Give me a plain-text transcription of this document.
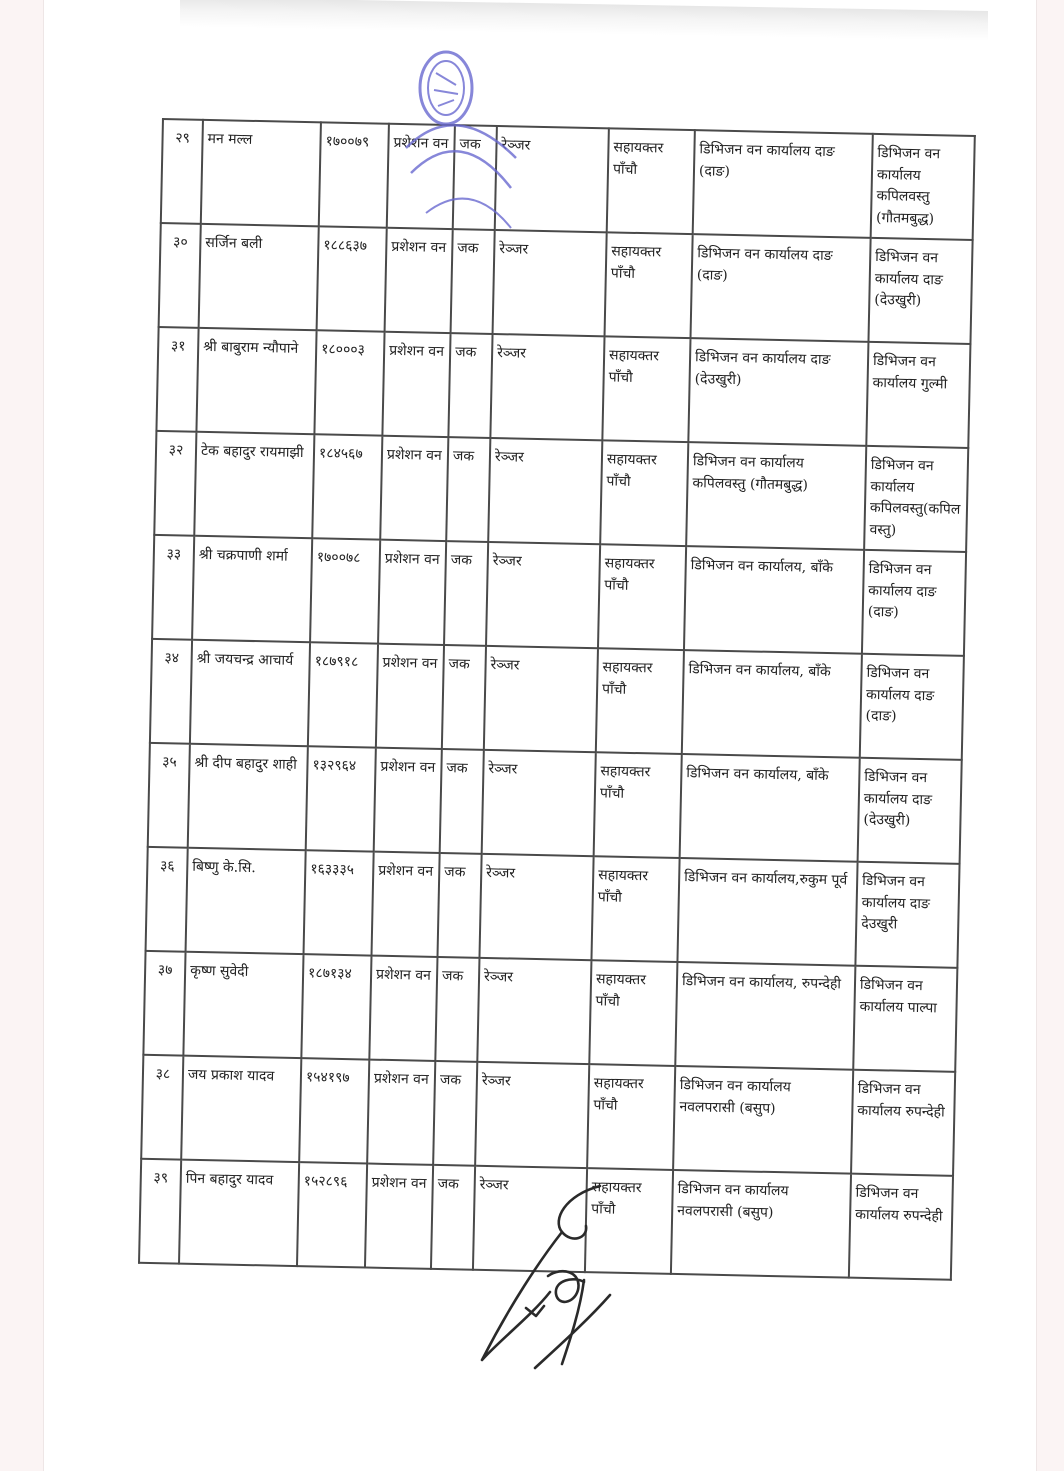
२९	मन मल्ल	१७००७९	प्रशेशन वन	जक	रेञ्जर	सहायक्तर पाँचौ	डिभिजन वन कार्यालय दाङ (दाङ)	डिभिजन वन कार्यालय कपिलवस्तु (गौतमबुद्ध)
३०	सर्जिन बली	१८८६३७	प्रशेशन वन	जक	रेञ्जर	सहायक्तर पाँचौ	डिभिजन वन कार्यालय दाङ (दाङ)	डिभिजन वन कार्यालय दाङ (देउखुरी)
३१	श्री बाबुराम न्यौपाने	१८०००३	प्रशेशन वन	जक	रेञ्जर	सहायक्तर पाँचौ	डिभिजन वन कार्यालय दाङ (देउखुरी)	डिभिजन वन कार्यालय गुल्मी
३२	टेक बहादुर रायमाझी	१८४५६७	प्रशेशन वन	जक	रेञ्जर	सहायक्तर पाँचौ	डिभिजन वन कार्यालय कपिलवस्तु (गौतमबुद्ध)	डिभिजन वन कार्यालय कपिलवस्तु(कपिलवस्तु)
३३	श्री चक्रपाणी शर्मा	१७००७८	प्रशेशन वन	जक	रेञ्जर	सहायक्तर पाँचौ	डिभिजन वन कार्यालय, बाँके	डिभिजन वन कार्यालय दाङ (दाङ)
३४	श्री जयचन्द्र आचार्य	१८७९१८	प्रशेशन वन	जक	रेञ्जर	सहायक्तर पाँचौ	डिभिजन वन कार्यालय, बाँके	डिभिजन वन कार्यालय दाङ (दाङ)
३५	श्री दीप बहादुर शाही	१३२९६४	प्रशेशन वन	जक	रेञ्जर	सहायक्तर पाँचौ	डिभिजन वन कार्यालय, बाँके	डिभिजन वन कार्यालय दाङ (देउखुरी)
३६	बिष्णु के.सि.	१६३३३५	प्रशेशन वन	जक	रेञ्जर	सहायक्तर पाँचौ	डिभिजन वन कार्यालय,रुकुम पूर्व	डिभिजन वन कार्यालय दाङ देउखुरी
३७	कृष्ण सुवेदी	१८७१३४	प्रशेशन वन	जक	रेञ्जर	सहायक्तर पाँचौ	डिभिजन वन कार्यालय, रुपन्देही	डिभिजन वन कार्यालय पाल्पा
३८	जय प्रकाश यादव	१५४१९७	प्रशेशन वन	जक	रेञ्जर	सहायक्तर पाँचौ	डिभिजन वन कार्यालय नवलपरासी (बसुप)	डिभिजन वन कार्यालय रुपन्देही
३९	पिन बहादुर यादव	१५२८९६	प्रशेशन वन	जक	रेञ्जर	सहायक्तर पाँचौ	डिभिजन वन कार्यालय नवलपरासी (बसुप)	डिभिजन वन कार्यालय रुपन्देही
